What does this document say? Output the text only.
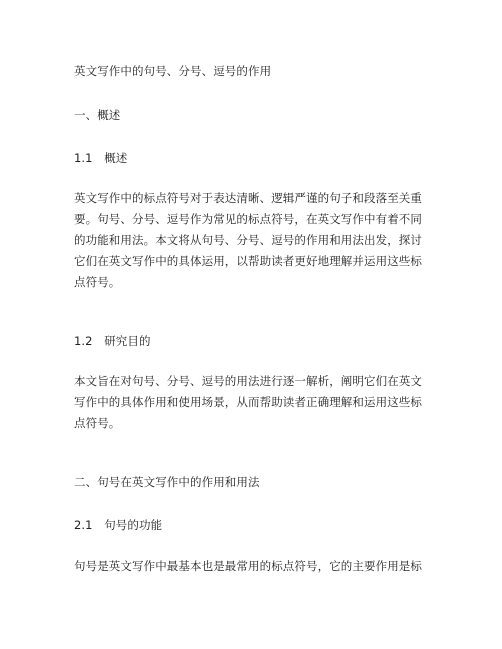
英文写作中的句号、分号、逗号的作用
一、概述
1.1　概述
英文写作中的标点符号对于表达清晰、逻辑严谨的句子和段落至关重要。句号、分号、逗号作为常见的标点符号，在英文写作中有着不同的功能和用法。本文将从句号、分号、逗号的作用和用法出发，探讨它们在英文写作中的具体运用，以帮助读者更好地理解并运用这些标点符号。
1.2　研究目的
本文旨在对句号、分号、逗号的用法进行逐一解析，阐明它们在英文写作中的具体作用和使用场景，从而帮助读者正确理解和运用这些标点符号。
二、句号在英文写作中的作用和用法
2.1　句号的功能
句号是英文写作中最基本也是最常用的标点符号，它的主要作用是标
